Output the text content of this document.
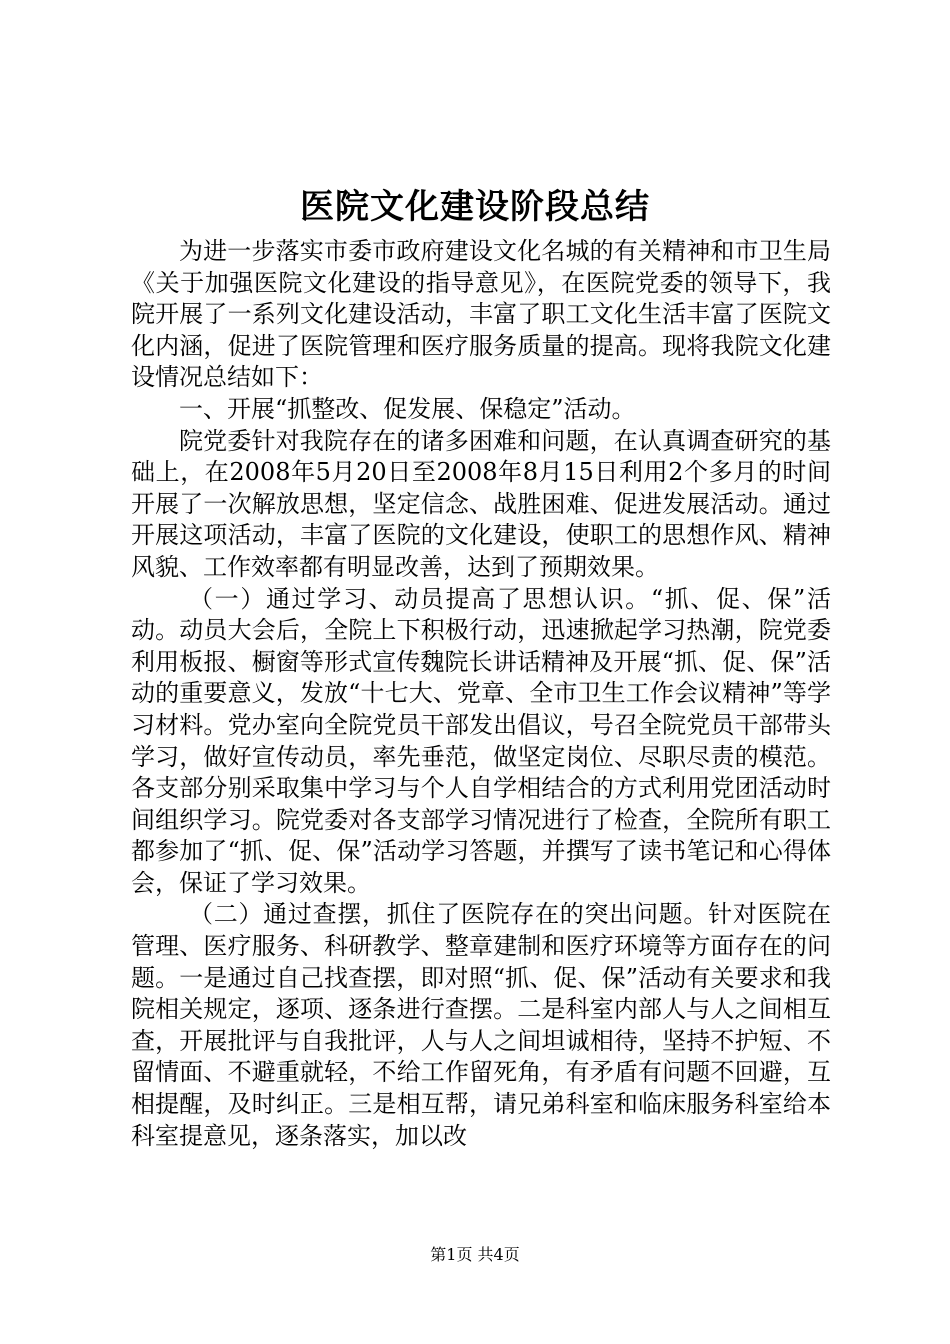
医院文化建设阶段总结

为进一步落实市委市政府建设文化名城的有关精神和市卫生局《关于加强医院文化建设的指导意见》，在医院党委的领导下，我院开展了一系列文化建设活动，丰富了职工文化生活丰富了医院文化内涵，促进了医院管理和医疗服务质量的提高。现将我院文化建设情况总结如下：

一、开展“抓整改、促发展、保稳定”活动。

院党委针对我院存在的诸多困难和问题，在认真调查研究的基础上，在2008年5月20日至2008年8月15日利用2个多月的时间开展了一次解放思想，坚定信念、战胜困难、促进发展活动。通过开展这项活动，丰富了医院的文化建设，使职工的思想作风、精神风貌、工作效率都有明显改善，达到了预期效果。

（一）通过学习、动员提高了思想认识。“抓、促、保”活动。动员大会后，全院上下积极行动，迅速掀起学习热潮，院党委利用板报、橱窗等形式宣传魏院长讲话精神及开展“抓、促、保”活动的重要意义，发放“十七大、党章、全市卫生工作会议精神”等学习材料。党办室向全院党员干部发出倡议，号召全院党员干部带头学习，做好宣传动员，率先垂范，做坚定岗位、尽职尽责的模范。各支部分别采取集中学习与个人自学相结合的方式利用党团活动时间组织学习。院党委对各支部学习情况进行了检查，全院所有职工都参加了“抓、促、保”活动学习答题，并撰写了读书笔记和心得体会，保证了学习效果。

（二）通过查摆，抓住了医院存在的突出问题。针对医院在管理、医疗服务、科研教学、整章建制和医疗环境等方面存在的问题。一是通过自己找查摆，即对照“抓、促、保”活动有关要求和我院相关规定，逐项、逐条进行查摆。二是科室内部人与人之间相互查，开展批评与自我批评，人与人之间坦诚相待，坚持不护短、不留情面、不避重就轻，不给工作留死角，有矛盾有问题不回避，互相提醒，及时纠正。三是相互帮，请兄弟科室和临床服务科室给本科室提意见，逐条落实，加以改

第1页 共4页
